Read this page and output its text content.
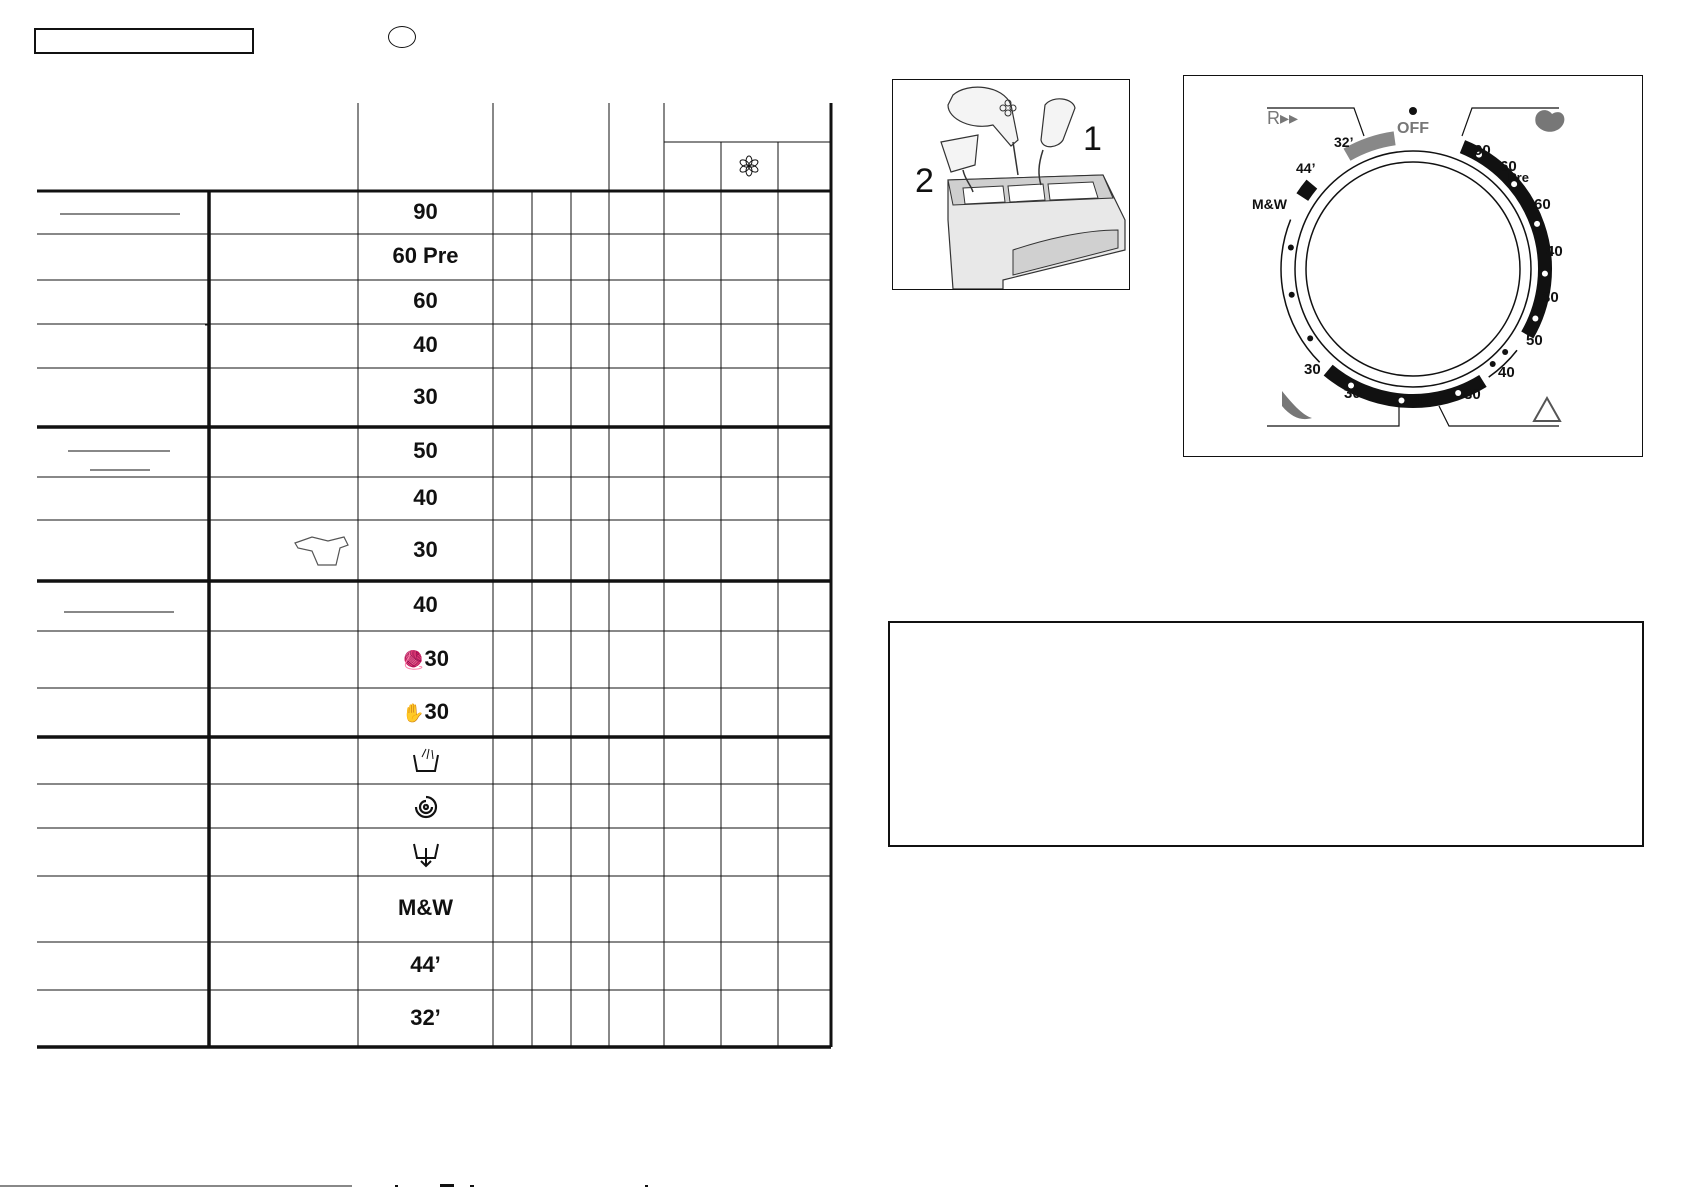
90
60 Pre
60
40
30
50
40
30
40
🧶30
✋30
M&W
44’
32’
1
2
R▸▸
OFF
Pre
90
60
60
40
30
50
40
30
40
30
30
M&W
44’
32’
